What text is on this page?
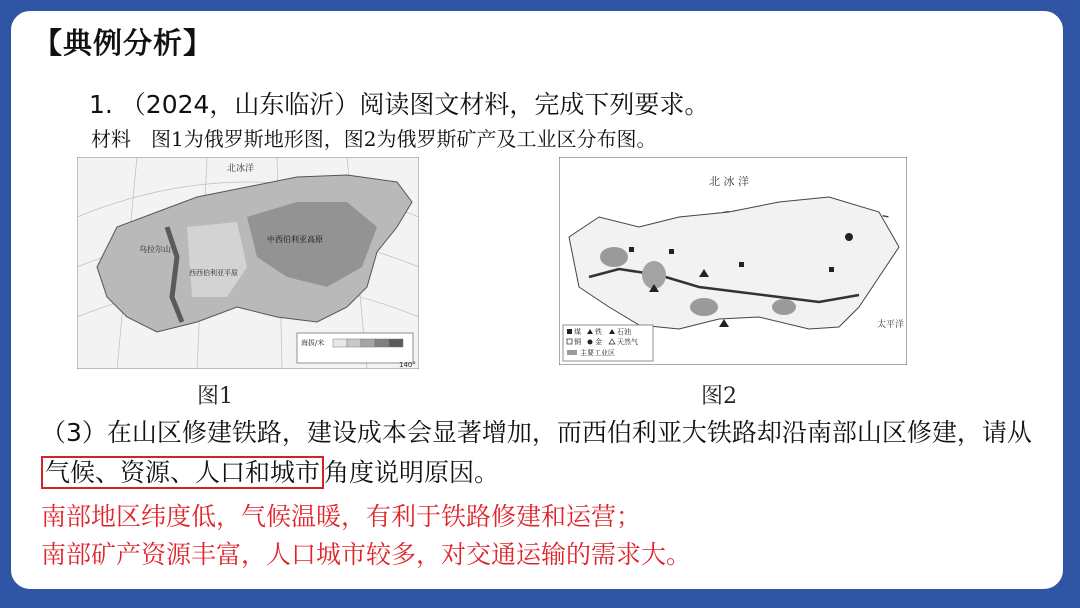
【典例分析】
1. （2024，山东临沂）阅读图文材料，完成下列要求。
材料　图1为俄罗斯地形图，图2为俄罗斯矿产及工业区分布图。
北冰洋
乌拉尔山
西西伯利亚平原
中西伯利亚高原
海拔/米
140°
北 冰 洋
太平洋
煤 铁 石油
铜 金 天然气
主要工业区
图1	图2
（3）在山区修建铁路，建设成本会显著增加，而西伯利亚大铁路却沿南部山区修建，请从气候、资源、人口和城市 角度说明原因。
南部地区纬度低，气候温暖，有利于铁路修建和运营；
南部矿产资源丰富，人口城市较多，对交通运输的需求大。
